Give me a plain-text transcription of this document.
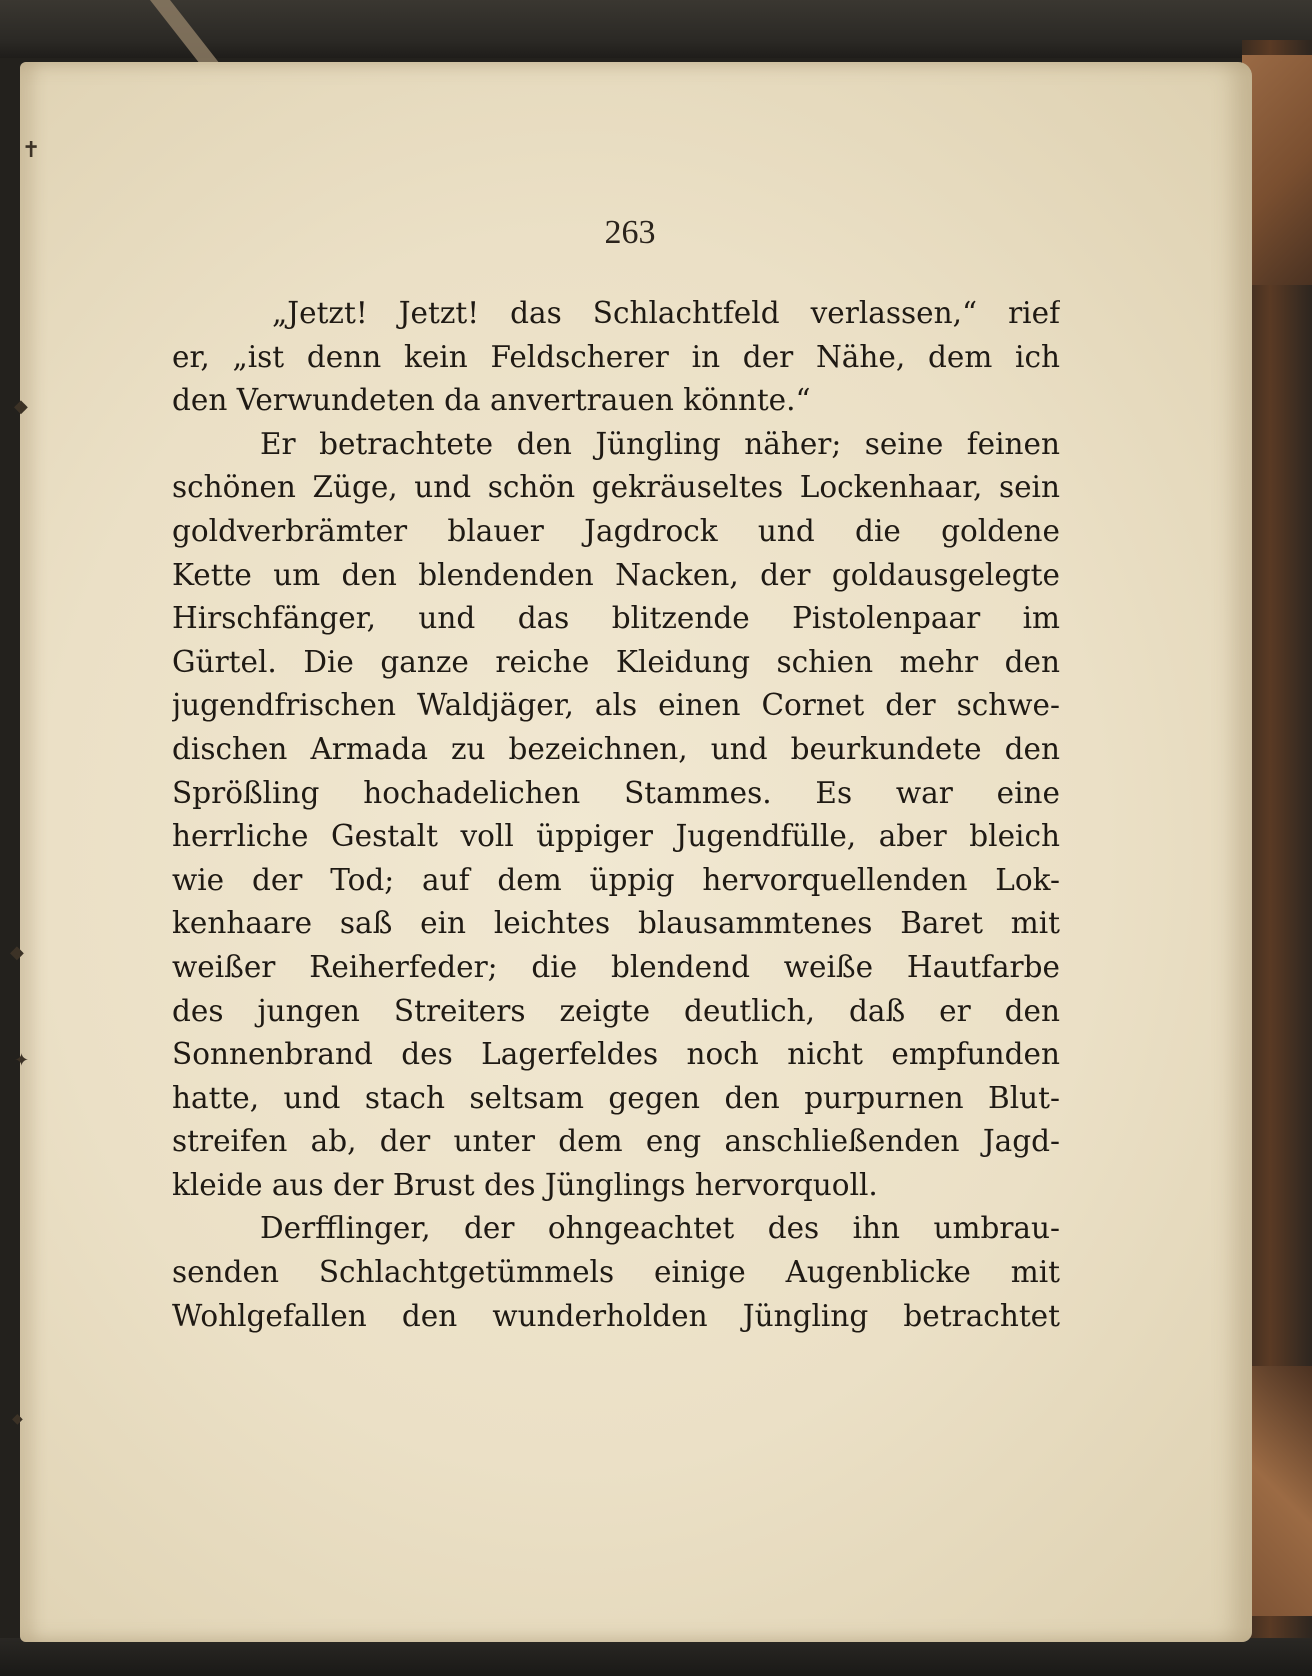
✝
◆
◆
✦
◆
263
„Jetzt! Jetzt! das Schlachtfeld verlassen,“ rief
er, „ist denn kein Feldscherer in der Nähe, dem ich
den Verwundeten da anvertrauen könnte.“
Er betrachtete den Jüngling näher; seine feinen
schönen Züge, und schön gekräuseltes Lockenhaar, sein
goldverbrämter blauer Jagdrock und die goldene
Kette um den blendenden Nacken, der goldausgelegte
Hirschfänger, und das blitzende Pistolenpaar im
Gürtel. Die ganze reiche Kleidung schien mehr den
jugendfrischen Waldjäger, als einen Cornet der schwe-
dischen Armada zu bezeichnen, und beurkundete den
Sprößling hochadelichen Stammes. Es war eine
herrliche Gestalt voll üppiger Jugendfülle, aber bleich
wie der Tod; auf dem üppig hervorquellenden Lok-
kenhaare saß ein leichtes blausammtenes Baret mit
weißer Reiherfeder; die blendend weiße Hautfarbe
des jungen Streiters zeigte deutlich, daß er den
Sonnenbrand des Lagerfeldes noch nicht empfunden
hatte, und stach seltsam gegen den purpurnen Blut-
streifen ab, der unter dem eng anschließenden Jagd-
kleide aus der Brust des Jünglings hervorquoll.
Derfflinger, der ohngeachtet des ihn umbrau-
senden Schlachtgetümmels einige Augenblicke mit
Wohlgefallen den wunderholden Jüngling betrachtet
